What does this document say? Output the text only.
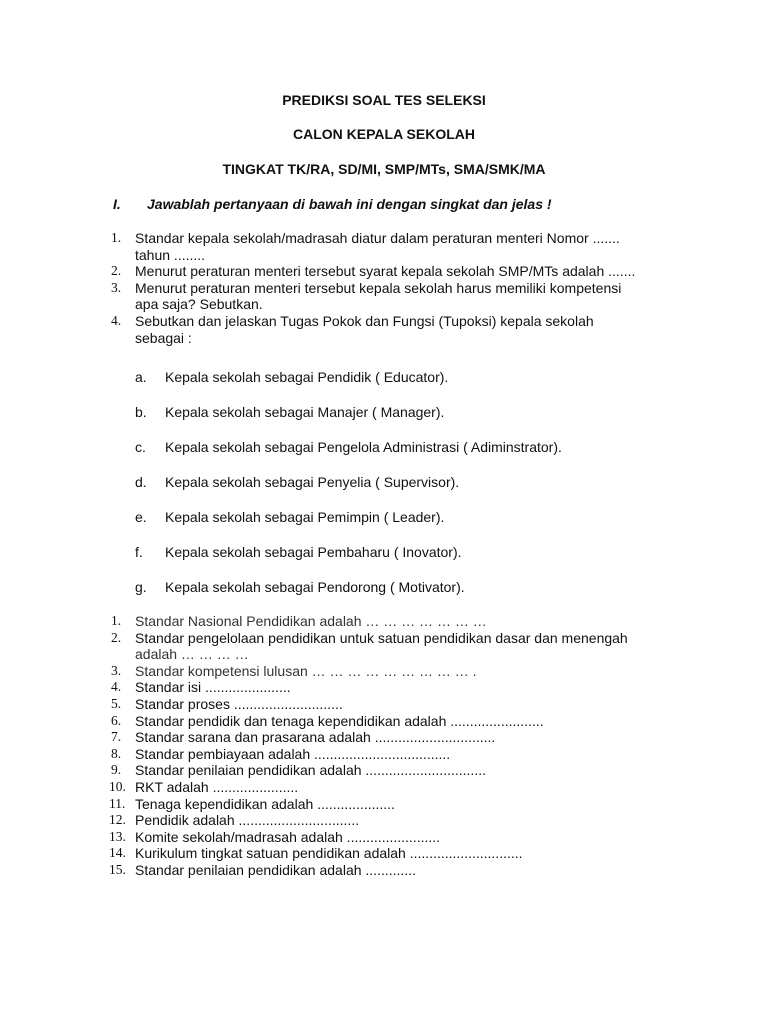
PREDIKSI SOAL TES SELEKSI
CALON KEPALA SEKOLAH
TINGKAT TK/RA, SD/MI, SMP/MTs, SMA/SMK/MA

I. Jawablah pertanyaan di bawah ini dengan singkat dan jelas !

1. Standar kepala sekolah/madrasah diatur dalam peraturan menteri Nomor .......
tahun ........
2. Menurut peraturan menteri tersebut syarat kepala sekolah SMP/MTs adalah .......
3. Menurut peraturan menteri tersebut kepala sekolah harus memiliki kompetensi
apa saja? Sebutkan.
4. Sebutkan dan jelaskan Tugas Pokok dan Fungsi (Tupoksi) kepala sekolah
sebagai :
a. Kepala sekolah sebagai Pendidik ( Educator).
b. Kepala sekolah sebagai Manajer ( Manager).
c. Kepala sekolah sebagai Pengelola Administrasi ( Adiminstrator).
d. Kepala sekolah sebagai Penyelia ( Supervisor).
e. Kepala sekolah sebagai Pemimpin ( Leader).
f. Kepala sekolah sebagai Pembaharu ( Inovator).
g. Kepala sekolah sebagai Pendorong ( Motivator).
1. Standar Nasional Pendidikan adalah … … … … … … …
2. Standar pengelolaan pendidikan untuk satuan pendidikan dasar dan menengah
adalah … … … …
3. Standar kompetensi lulusan … … … … … … … … … .
4. Standar isi ......................
5. Standar proses ............................
6. Standar pendidik dan tenaga kependidikan adalah ........................
7. Standar sarana dan prasarana adalah ...............................
8. Standar pembiayaan adalah ...................................
9. Standar penilaian pendidikan adalah ...............................
10. RKT adalah ......................
11. Tenaga kependidikan adalah ....................
12. Pendidik adalah ...............................
13. Komite sekolah/madrasah adalah ........................
14. Kurikulum tingkat satuan pendidikan adalah .............................
15. Standar penilaian pendidikan adalah .............
